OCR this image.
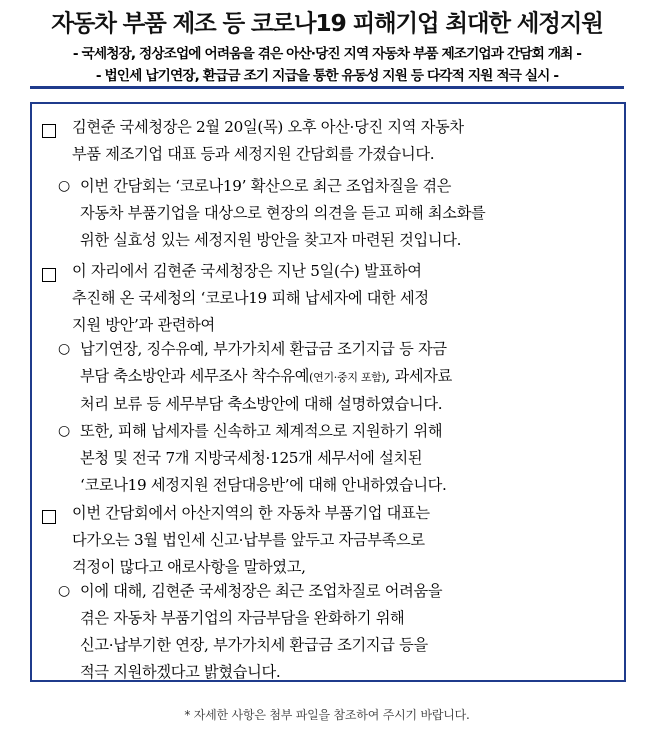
자동차 부품 제조 등 코로나19 피해기업 최대한 세정지원
- 국세청장, 정상조업에 어려움을 겪은 아산·당진 지역 자동차 부품 제조기업과 간담회 개최 -
- 법인세 납기연장, 환급금 조기 지급을 통한 유동성 지원 등 다각적 지원 적극 실시 -
김현준 국세청장은 2월 20일(목) 오후 아산·당진 지역 자동차
부품 제조기업 대표 등과 세정지원 간담회를 가졌습니다.
○ 이번 간담회는 ‘코로나19’ 확산으로 최근 조업차질을 겪은
자동차 부품기업을 대상으로 현장의 의견을 듣고 피해 최소화를
위한 실효성 있는 세정지원 방안을 찾고자 마련된 것입니다.
이 자리에서 김현준 국세청장은 지난 5일(수) 발표하여
추진해 온 국세청의 ‘코로나19 피해 납세자에 대한 세정
지원 방안’과 관련하여
○ 납기연장, 징수유예, 부가가치세 환급금 조기지급 등 자금
부담 축소방안과 세무조사 착수유예(연기·중지 포함), 과세자료
처리 보류 등 세무부담 축소방안에 대해 설명하였습니다.
○ 또한, 피해 납세자를 신속하고 체계적으로 지원하기 위해
본청 및 전국 7개 지방국세청·125개 세무서에 설치된
‘코로나19 세정지원 전담대응반’에 대해 안내하였습니다.
이번 간담회에서 아산지역의 한 자동차 부품기업 대표는
다가오는 3월 법인세 신고·납부를 앞두고 자금부족으로
걱정이 많다고 애로사항을 말하였고,
○ 이에 대해, 김현준 국세청장은 최근 조업차질로 어려움을
겪은 자동차 부품기업의 자금부담을 완화하기 위해
신고·납부기한 연장, 부가가치세 환급금 조기지급 등을
적극 지원하겠다고 밝혔습니다.
* 자세한 사항은 첨부 파일을 참조하여 주시기 바랍니다.
